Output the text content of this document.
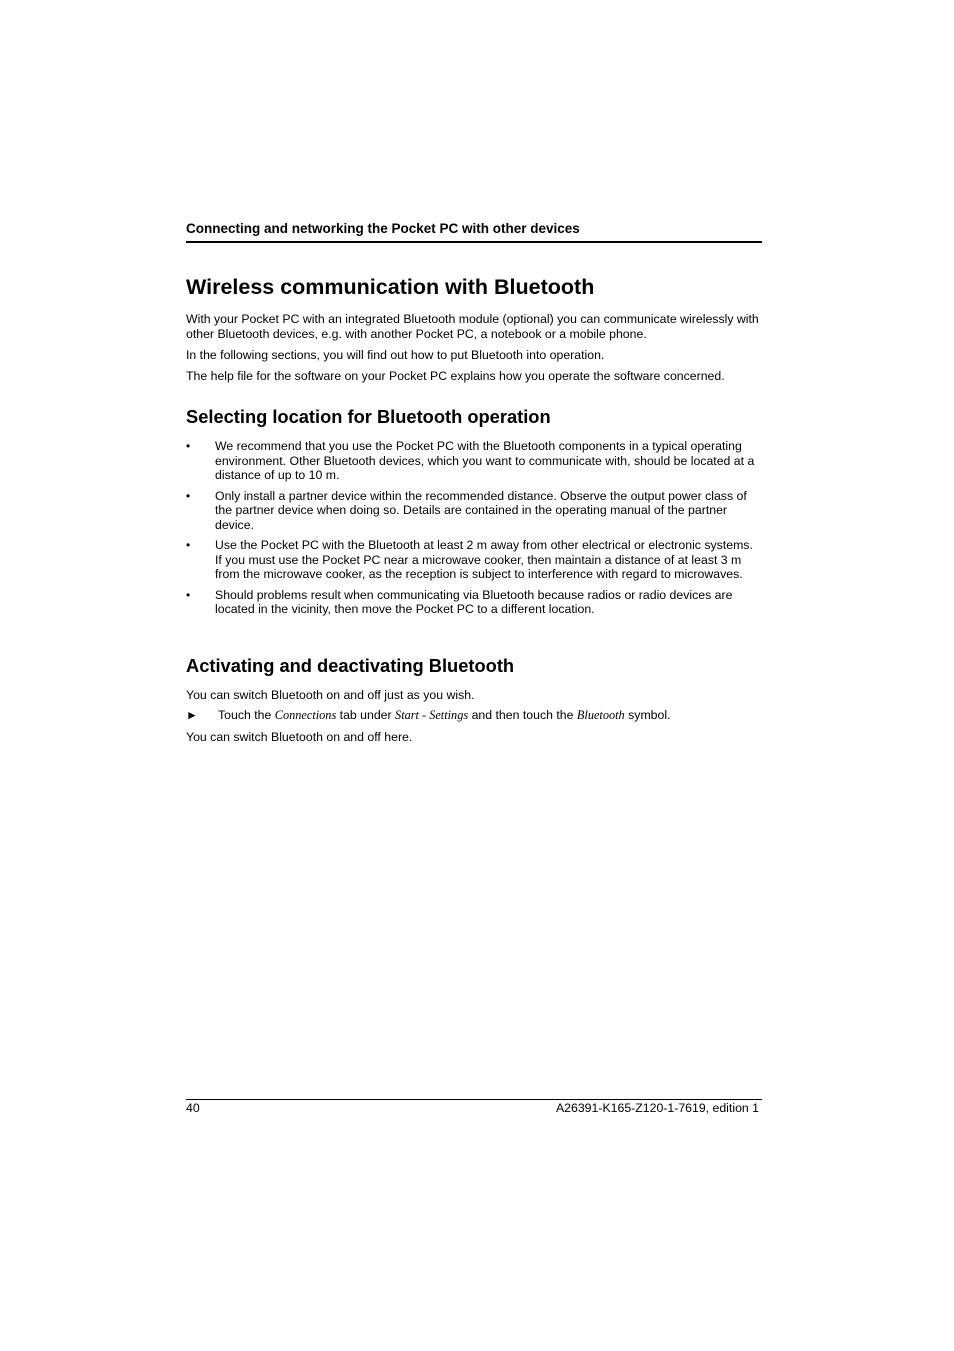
Connecting and networking the Pocket PC with other devices
Wireless communication with Bluetooth

With your Pocket PC with an integrated Bluetooth module (optional) you can communicate wirelessly with other Bluetooth devices, e.g. with another Pocket PC, a notebook or a mobile phone.

In the following sections, you will find out how to put Bluetooth into operation.

The help file for the software on your Pocket PC explains how you operate the software concerned.

Selecting location for Bluetooth operation
• We recommend that you use the Pocket PC with the Bluetooth components in a typical operating environment. Other Bluetooth devices, which you want to communicate with, should be located at a distance of up to 10 m.
• Only install a partner device within the recommended distance. Observe the output power class of the partner device when doing so. Details are contained in the operating manual of the partner device.
• Use the Pocket PC with the Bluetooth at least 2 m away from other electrical or electronic systems. If you must use the Pocket PC near a microwave cooker, then maintain a distance of at least 3 m from the microwave cooker, as the reception is subject to interference with regard to microwaves.
• Should problems result when communicating via Bluetooth because radios or radio devices are located in the vicinity, then move the Pocket PC to a different location.
Activating and deactivating Bluetooth

You can switch Bluetooth on and off just as you wish.

►	Touch the Connections tab under Start - Settings and then touch the Bluetooth symbol.

You can switch Bluetooth on and off here.

40	A26391-K165-Z120-1-7619, edition 1
